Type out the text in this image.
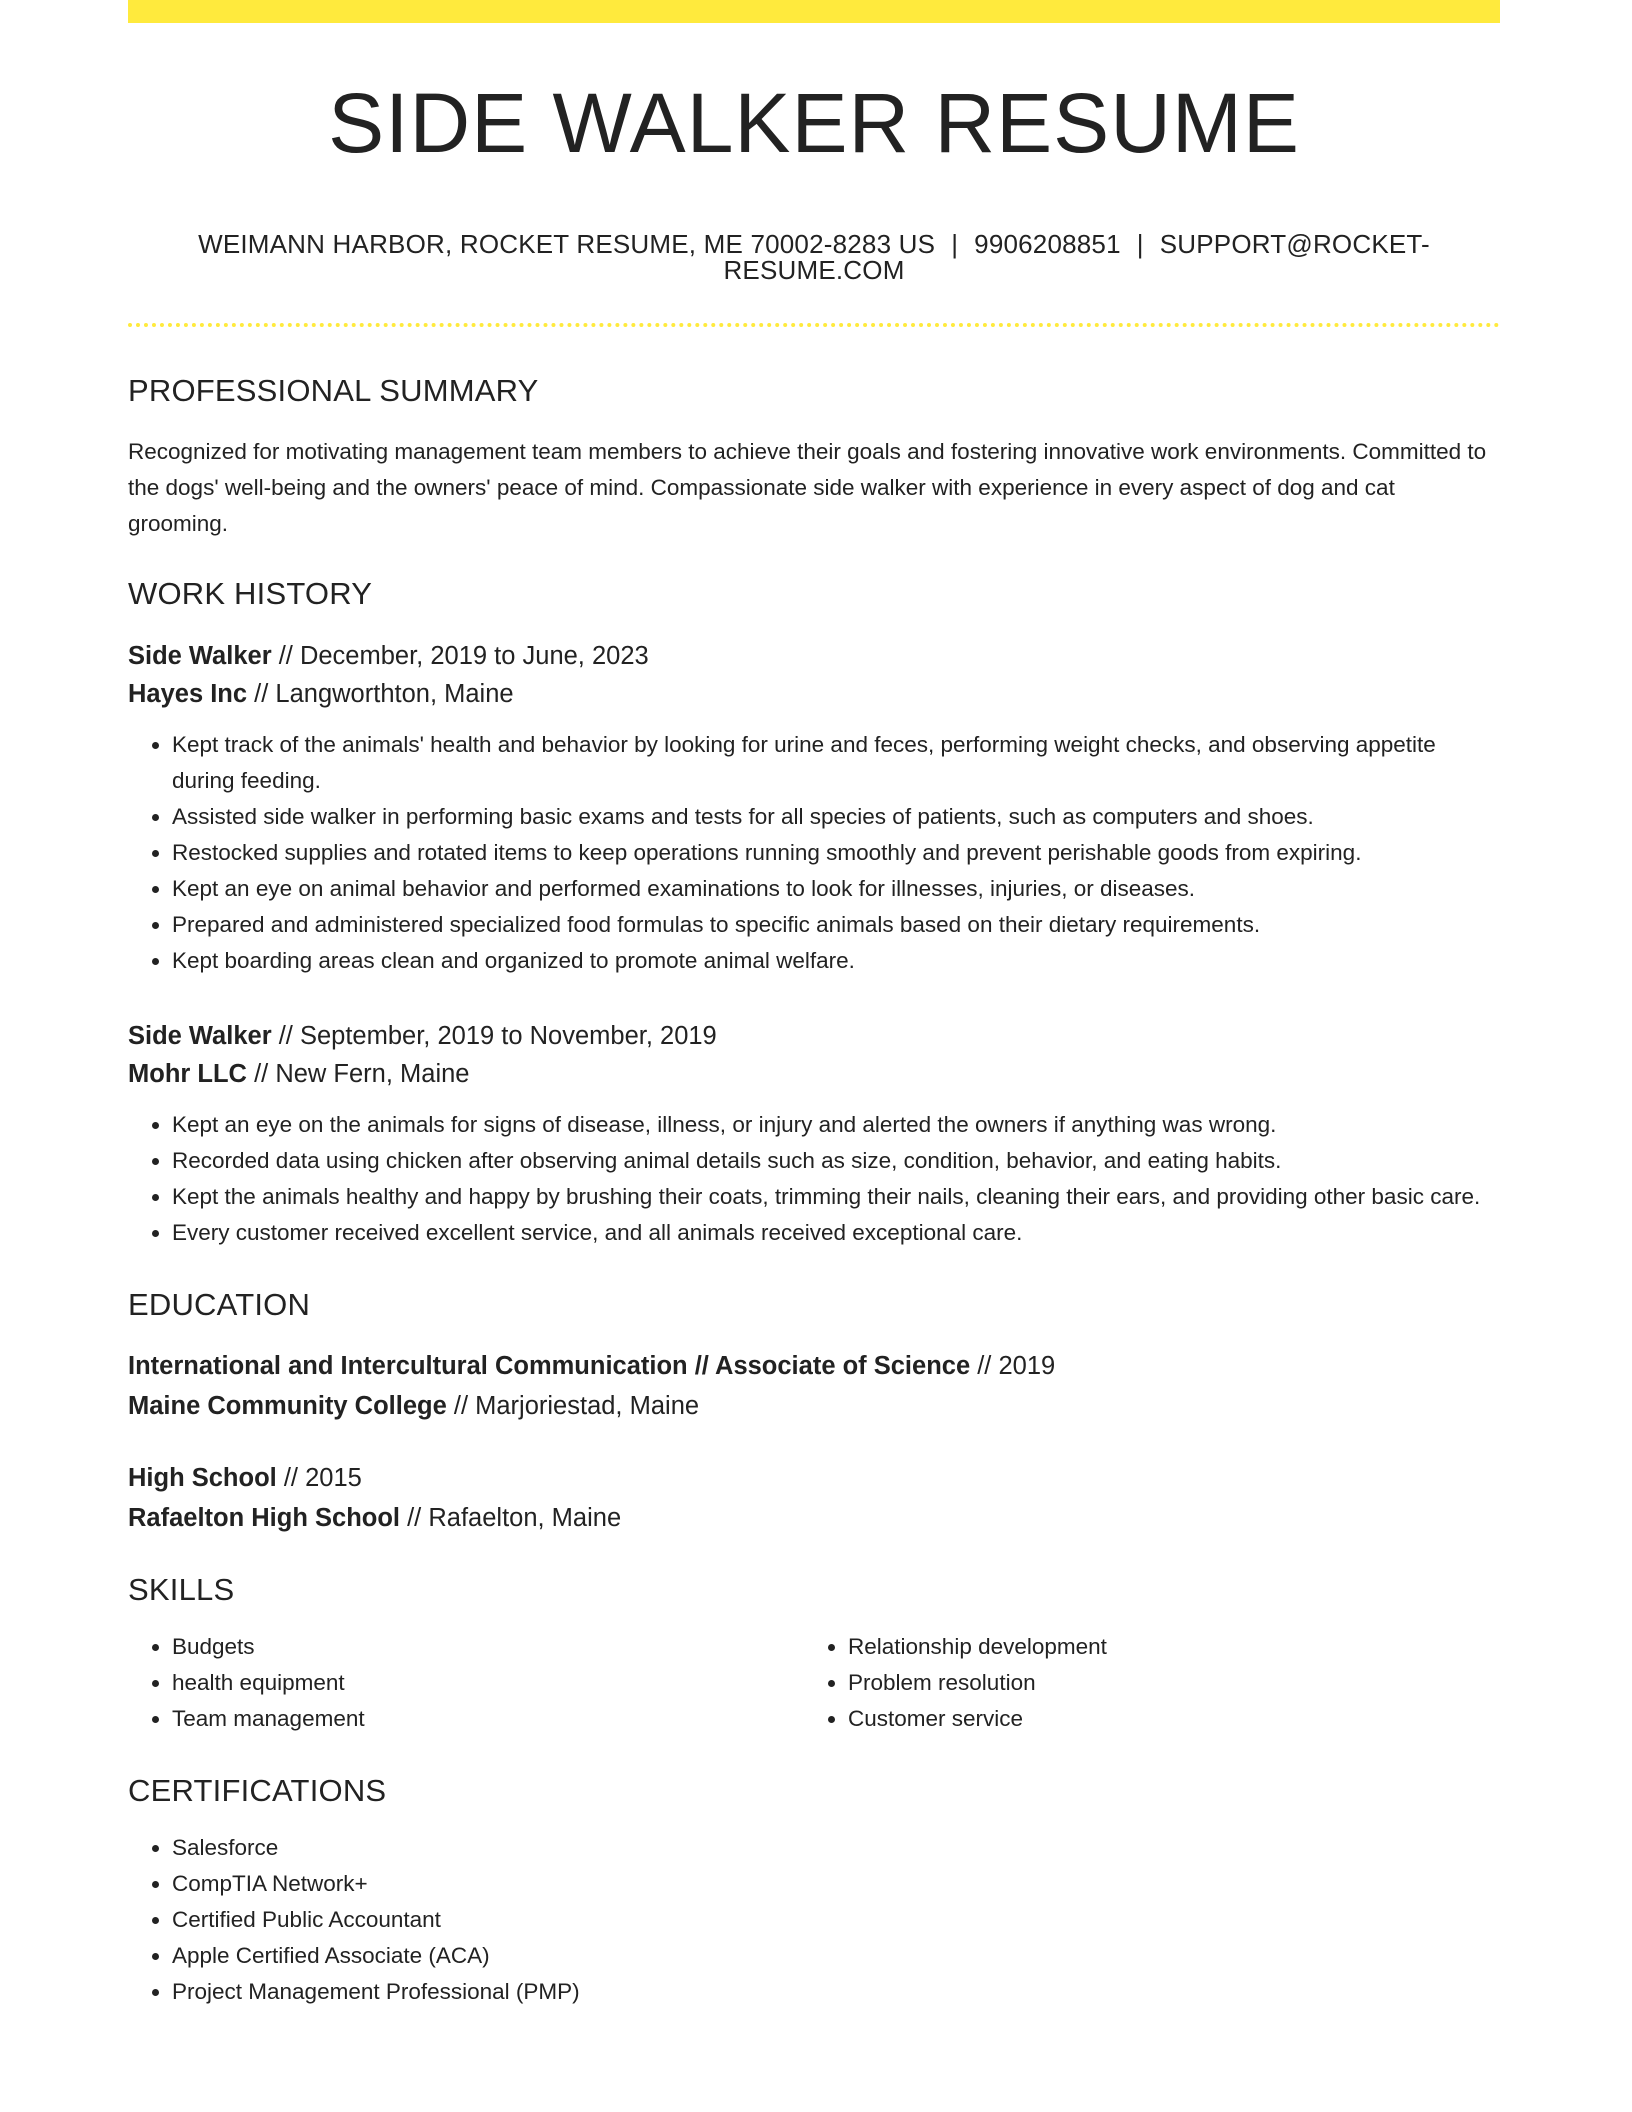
SIDE WALKER RESUME
WEIMANN HARBOR, ROCKET RESUME, ME 70002-8283 US | 9906208851 | SUPPORT@ROCKET-RESUME.COM
PROFESSIONAL SUMMARY
Recognized for motivating management team members to achieve their goals and fostering innovative work environments. Committed to the dogs' well-being and the owners' peace of mind. Compassionate side walker with experience in every aspect of dog and cat grooming.
WORK HISTORY
Side Walker // December, 2019 to June, 2023
Hayes Inc // Langworthton, Maine
• Kept track of the animals' health and behavior by looking for urine and feces, performing weight checks, and observing appetite during feeding.
• Assisted side walker in performing basic exams and tests for all species of patients, such as computers and shoes.
• Restocked supplies and rotated items to keep operations running smoothly and prevent perishable goods from expiring.
• Kept an eye on animal behavior and performed examinations to look for illnesses, injuries, or diseases.
• Prepared and administered specialized food formulas to specific animals based on their dietary requirements.
• Kept boarding areas clean and organized to promote animal welfare.
Side Walker // September, 2019 to November, 2019
Mohr LLC // New Fern, Maine
• Kept an eye on the animals for signs of disease, illness, or injury and alerted the owners if anything was wrong.
• Recorded data using chicken after observing animal details such as size, condition, behavior, and eating habits.
• Kept the animals healthy and happy by brushing their coats, trimming their nails, cleaning their ears, and providing other basic care.
• Every customer received excellent service, and all animals received exceptional care.
EDUCATION
International and Intercultural Communication // Associate of Science // 2019
Maine Community College // Marjoriestad, Maine
High School // 2015
Rafaelton High School // Rafaelton, Maine
SKILLS
• Budgets
• health equipment
• Team management
• Relationship development
• Problem resolution
• Customer service
CERTIFICATIONS
• Salesforce
• CompTIA Network+
• Certified Public Accountant
• Apple Certified Associate (ACA)
• Project Management Professional (PMP)
